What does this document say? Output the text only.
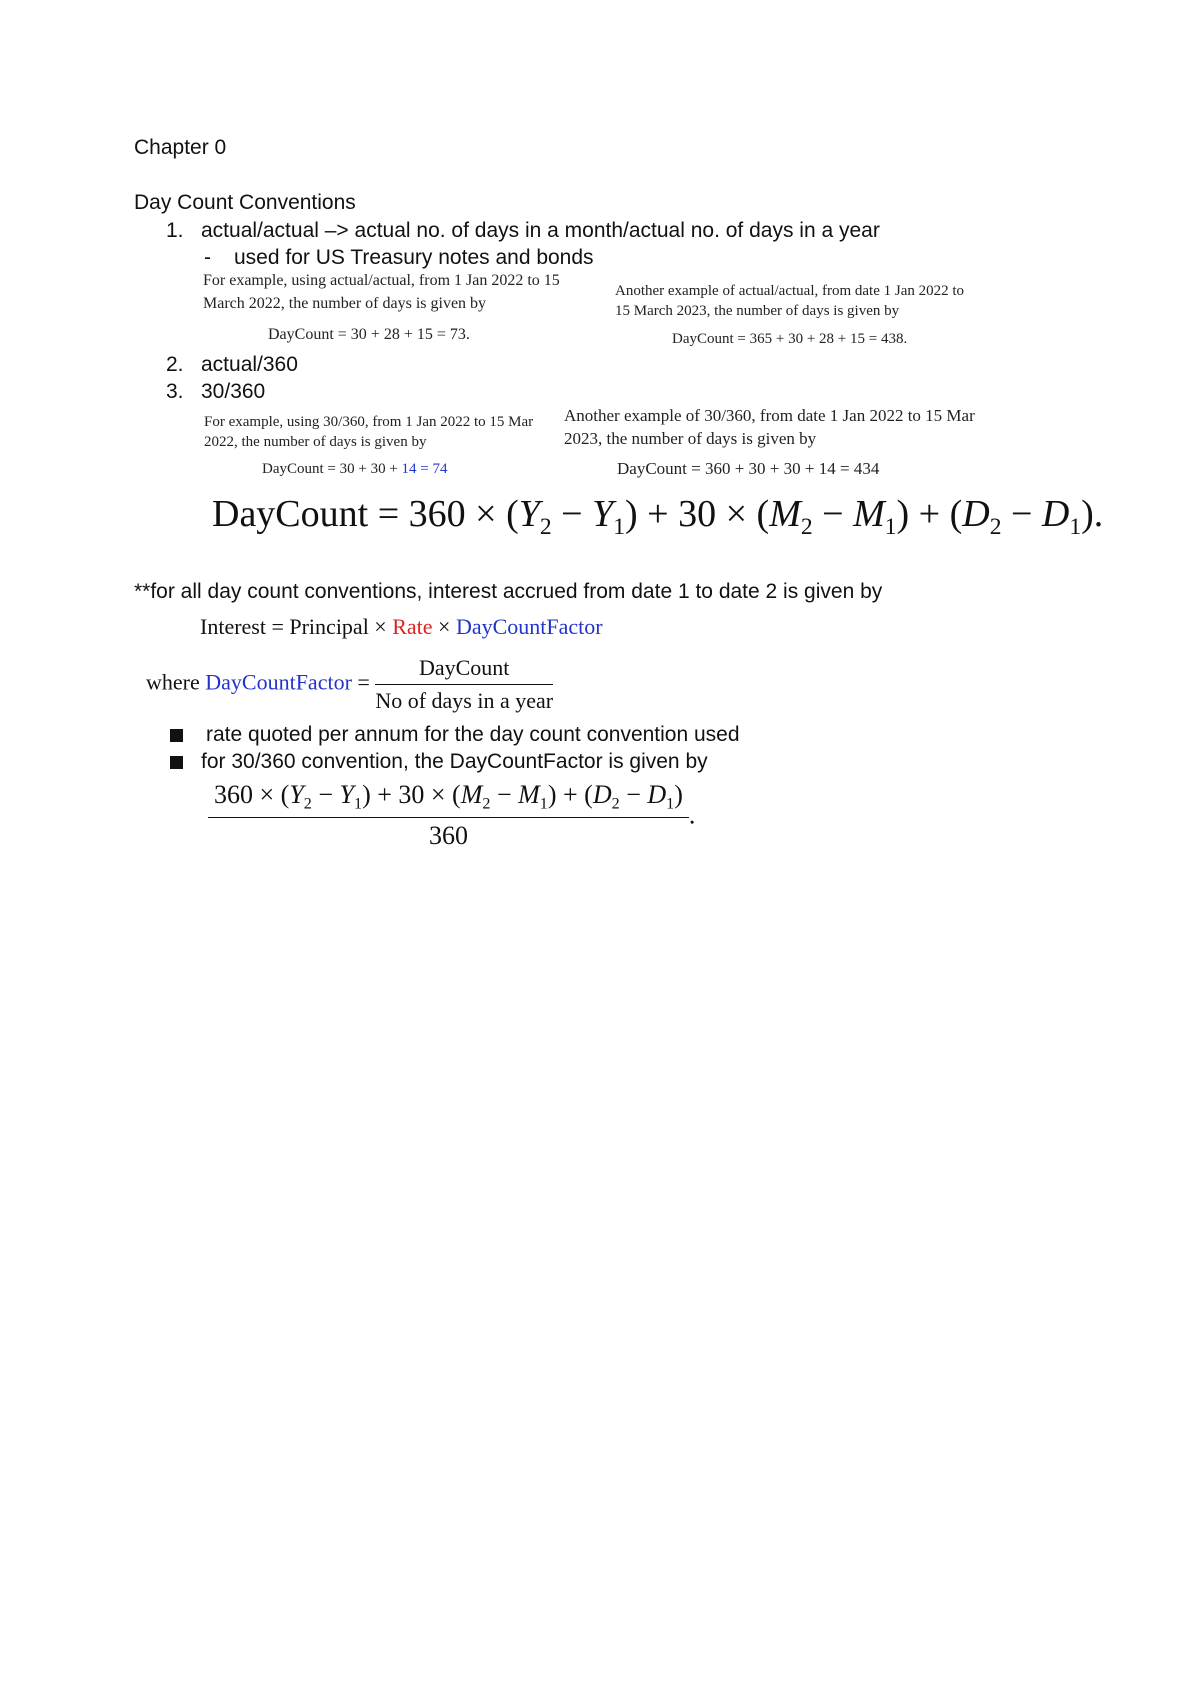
Chapter 0
Day Count Conventions
1. actual/actual –> actual no. of days in a month/actual no. of days in a year
- used for US Treasury notes and bonds
For example, using actual/actual, from 1 Jan 2022 to 15
March 2022, the number of days is given by
DayCount = 30 + 28 + 15 = 73.
Another example of actual/actual, from date 1 Jan 2022 to
15 March 2023, the number of days is given by
DayCount = 365 + 30 + 28 + 15 = 438.
2. actual/360
3. 30/360
For example, using 30/360, from 1 Jan 2022 to 15 Mar
2022, the number of days is given by
DayCount = 30 + 30 + 14 = 74
Another example of 30/360, from date 1 Jan 2022 to 15 Mar
2023, the number of days is given by
DayCount = 360 + 30 + 30 + 14 = 434
DayCount = $360 \times (Y_2 - Y_1) + 30 \times (M_2 - M_1) + (D_2 - D_1)$.
**for all day count conventions, interest accrued from date 1 to date 2 is given by
Interest = Principal × Rate × DayCountFactor
where DayCountFactor = $\frac{\text{DayCount}}{\text{No of days in a year}}$
rate quoted per annum for the day count convention used
for 30/360 convention, the DayCountFactor is given by
$\frac{360 \times (Y_2 - Y_1) + 30 \times (M_2 - M_1) + (D_2 - D_1)}{360}$ .
